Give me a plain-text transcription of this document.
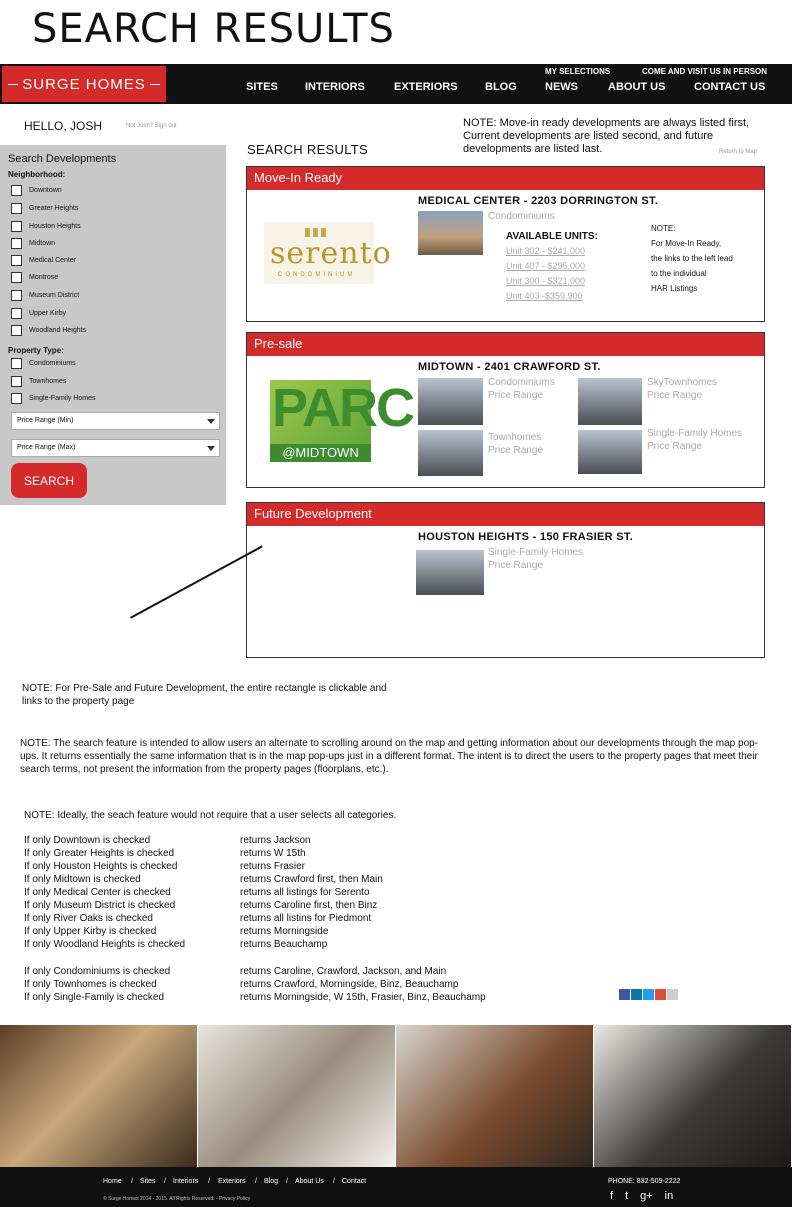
SEARCH RESULTS
SURGE HOMES
MY SELECTIONS	COME AND VISIT US IN PERSON
SITES INTERIORS	EXTERIORS BLOG	NEWS	ABOUT US	CONTACT US
HELLO, JOSH	Not Josh? Sign out	NOTE: Move-in ready developments are always listed first, Current developments are listed second, and future developments are listed last.	Return to Map
Search Developments
Neighborhood:
Downtown
Greater Heights
Houston Heights
Midtown
Medical Center
Montrose
Museum District
Upper Kirby
Woodland Heights
Property Type:
Condominiums
Townhomes
Single-Family Homes
Price Range (Min)
Price Range (Max)
SEARCH
SEARCH RESULTS
Move-In Ready
serento
CONDOMINIUM
MEDICAL CENTER - 2203 DORRINGTON ST.
Condominiums
AVAILABLE UNITS:
Unit 302 - $241,000
Unit 407 - $295,000
Unit 300 - $321,000
Unit 403 -$359,900
NOTE:
For Move-In Ready,
the links to the left lead
to the individual
HAR Listings
Pre-sale
PARC
@MIDTOWN
MIDTOWN - 2401 CRAWFORD ST.
Condominiums
Price Range
SkyTownhomes
Price Range
Townhomes
Price Range
Single-Family Homes
Price Range
Future Development
HOUSTON HEIGHTS - 150 FRASIER ST.
Single-Family Homes
Price Range
NOTE: For Pre-Sale and Future Development, the entire rectangle is clickable and links to the property page
NOTE: The search feature is intended to allow users an alternate to scrolling around on the map and getting information about our developments through the map pop-ups. It returns essentially the same information that is in the map pop-ups just in a different format. The intent is to direct the users to the property pages that meet their search terms, not present the information from the property pages (floorplans, etc.).
NOTE: Ideally, the seach feature would not require that a user selects all categories.
If only Downtown is checked	returns Jackson
If only Greater Heights is checked	returns W 15th
If only Houston Heights is checked	returns Frasier
If only Midtown is checked	returns Crawford first, then Main
If only Medical Center is checked	returns all listings for Serento
If only Museum District is checked	returns Caroline first, then Binz
If only River Oaks is checked	returns all listins for Piedmont
If only Upper Kirby is checked	returns Morningside
If only Woodland Heights is checked	returns Beauchamp
If only Condominiums is checked	returns Caroline, Crawford, Jackson, and Main
If only Townhomes is checked	returns Crawford, Morningside, Binz, Beauchamp
If only Single-Family is checked	returns Morningside, W 15th, Frasier, Binz, Beauchamp
Home / Sites / Interiors / Exteriors / Blog / About Us / Contact
© Surge Homes 2014 - 2015. All Rights Reserved. - Privacy Policy
PHONE: 832-509-2222
f t g+ in
